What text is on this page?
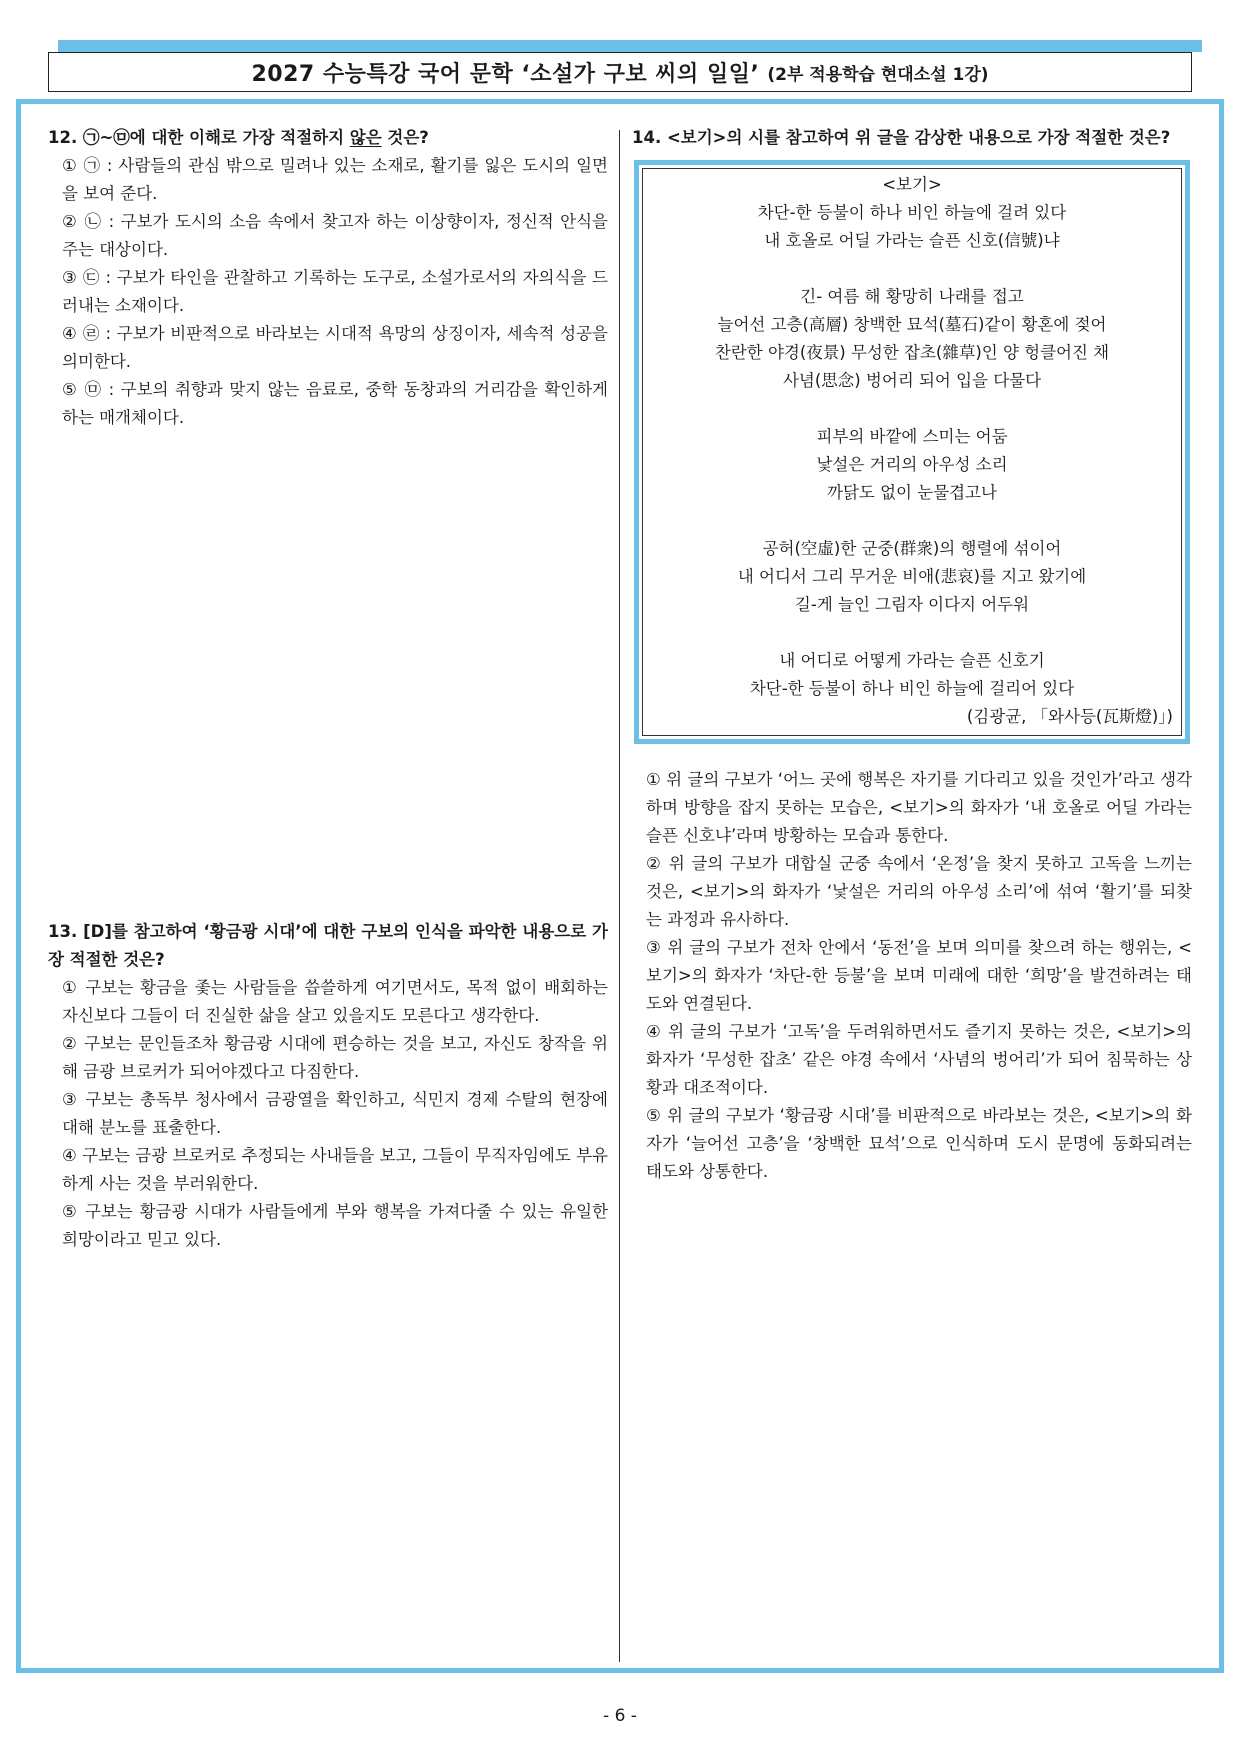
2027 수능특강 국어 문학 ‘소설가 구보 씨의 일일’ (2부 적용학습 현대소설 1강)
12. ㉠~㉤에 대한 이해로 가장 적절하지 않은 것은?
① ㉠ : 사람들의 관심 밖으로 밀려나 있는 소재로, 활기를 잃은 도시의 일면을 보여 준다.
② ㉡ : 구보가 도시의 소음 속에서 찾고자 하는 이상향이자, 정신적 안식을 주는 대상이다.
③ ㉢ : 구보가 타인을 관찰하고 기록하는 도구로, 소설가로서의 자의식을 드러내는 소재이다.
④ ㉣ : 구보가 비판적으로 바라보는 시대적 욕망의 상징이자, 세속적 성공을 의미한다.
⑤ ㉤ : 구보의 취향과 맞지 않는 음료로, 중학 동창과의 거리감을 확인하게 하는 매개체이다.
13. [D]를 참고하여 ‘황금광 시대’에 대한 구보의 인식을 파악한 내용으로 가장 적절한 것은?
① 구보는 황금을 좇는 사람들을 씁쓸하게 여기면서도, 목적 없이 배회하는 자신보다 그들이 더 진실한 삶을 살고 있을지도 모른다고 생각한다.
② 구보는 문인들조차 황금광 시대에 편승하는 것을 보고, 자신도 창작을 위해 금광 브로커가 되어야겠다고 다짐한다.
③ 구보는 총독부 청사에서 금광열을 확인하고, 식민지 경제 수탈의 현장에 대해 분노를 표출한다.
④ 구보는 금광 브로커로 추정되는 사내들을 보고, 그들이 무직자임에도 부유하게 사는 것을 부러워한다.
⑤ 구보는 황금광 시대가 사람들에게 부와 행복을 가져다줄 수 있는 유일한 희망이라고 믿고 있다.
14. <보기>의 시를 참고하여 위 글을 감상한 내용으로 가장 적절한 것은?
<보기>
차단-한 등불이 하나 비인 하늘에 걸려 있다
내 호올로 어딜 가라는 슬픈 신호(信號)냐
긴- 여름 해 황망히 나래를 접고
늘어선 고층(高層) 창백한 묘석(墓石)같이 황혼에 젖어
찬란한 야경(夜景) 무성한 잡초(雜草)인 양 헝클어진 채
사념(思念) 벙어리 되어 입을 다물다
피부의 바깥에 스미는 어둠
낯설은 거리의 아우성 소리
까닭도 없이 눈물겹고나
공허(空虛)한 군중(群衆)의 행렬에 섞이어
내 어디서 그리 무거운 비애(悲哀)를 지고 왔기에
길-게 늘인 그림자 이다지 어두워
내 어디로 어떻게 가라는 슬픈 신호기
차단-한 등불이 하나 비인 하늘에 걸리어 있다
(김광균, 「와사등(瓦斯燈)」)
① 위 글의 구보가 ‘어느 곳에 행복은 자기를 기다리고 있을 것인가’라고 생각하며 방향을 잡지 못하는 모습은, <보기>의 화자가 ‘내 호올로 어딜 가라는 슬픈 신호냐’라며 방황하는 모습과 통한다.
② 위 글의 구보가 대합실 군중 속에서 ‘온정’을 찾지 못하고 고독을 느끼는 것은, <보기>의 화자가 ‘낯설은 거리의 아우성 소리’에 섞여 ‘활기’를 되찾는 과정과 유사하다.
③ 위 글의 구보가 전차 안에서 ‘동전’을 보며 의미를 찾으려 하는 행위는, <보기>의 화자가 ‘차단-한 등불’을 보며 미래에 대한 ‘희망’을 발견하려는 태도와 연결된다.
④ 위 글의 구보가 ‘고독’을 두려워하면서도 즐기지 못하는 것은, <보기>의 화자가 ‘무성한 잡초’ 같은 야경 속에서 ‘사념의 벙어리’가 되어 침묵하는 상황과 대조적이다.
⑤ 위 글의 구보가 ‘황금광 시대’를 비판적으로 바라보는 것은, <보기>의 화자가 ‘늘어선 고층’을 ‘창백한 묘석’으로 인식하며 도시 문명에 동화되려는 태도와 상통한다.
- 6 -
